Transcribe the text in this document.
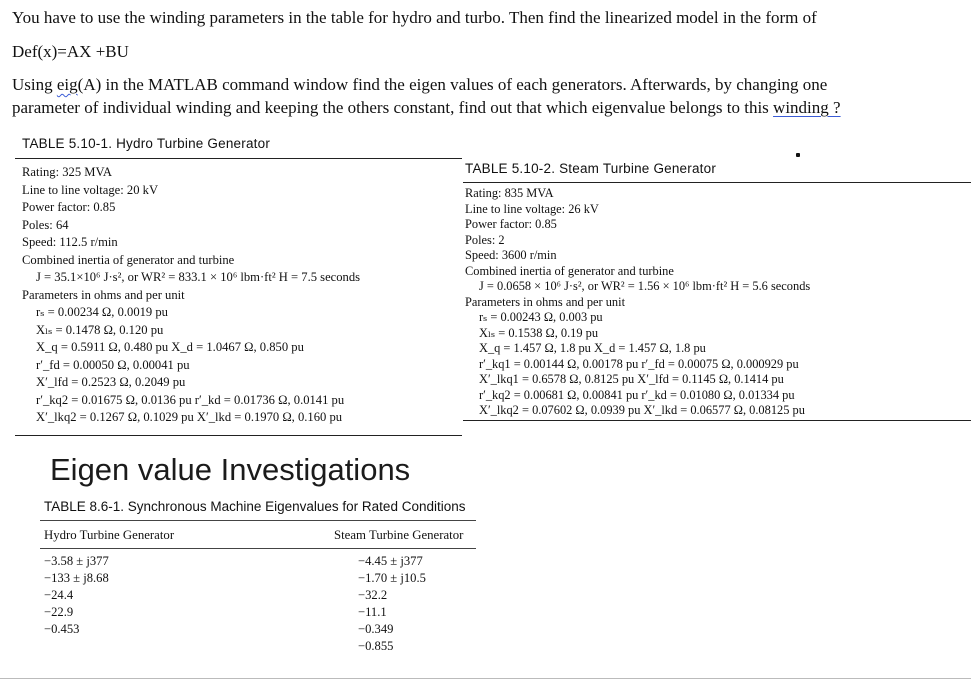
You have to use the winding parameters in the table for hydro and turbo. Then find the linearized model in the form of
Def(x)=AX +BU
Using eig(A) in the MATLAB command window find the eigen values of each generators. Afterwards, by changing one
parameter of individual winding and keeping the others constant, find out that which eigenvalue belongs to this winding ?
TABLE 5.10-1. Hydro Turbine Generator
Rating: 325 MVA
Line to line voltage: 20 kV
Power factor: 0.85
Poles: 64
Speed: 112.5 r/min
Combined inertia of generator and turbine
J = 35.1×10⁶ J·s², or WR² = 833.1 × 10⁶ lbm·ft² H = 7.5 seconds
Parameters in ohms and per unit
rₛ = 0.00234 Ω, 0.0019 pu
Xₗₛ = 0.1478 Ω, 0.120 pu
X_q = 0.5911 Ω, 0.480 pu X_d = 1.0467 Ω, 0.850 pu
r′_fd = 0.00050 Ω, 0.00041 pu
X′_lfd = 0.2523 Ω, 0.2049 pu
r′_kq2 = 0.01675 Ω, 0.0136 pu r′_kd = 0.01736 Ω, 0.0141 pu
X′_lkq2 = 0.1267 Ω, 0.1029 pu X′_lkd = 0.1970 Ω, 0.160 pu
TABLE 5.10-2. Steam Turbine Generator
Rating: 835 MVA
Line to line voltage: 26 kV
Power factor: 0.85
Poles: 2
Speed: 3600 r/min
Combined inertia of generator and turbine
J = 0.0658 × 10⁶ J·s², or WR² = 1.56 × 10⁶ lbm·ft² H = 5.6 seconds
Parameters in ohms and per unit
rₛ = 0.00243 Ω, 0.003 pu
Xₗₛ = 0.1538 Ω, 0.19 pu
X_q = 1.457 Ω, 1.8 pu X_d = 1.457 Ω, 1.8 pu
r′_kq1 = 0.00144 Ω, 0.00178 pu r′_fd = 0.00075 Ω, 0.000929 pu
X′_lkq1 = 0.6578 Ω, 0.8125 pu X′_lfd = 0.1145 Ω, 0.1414 pu
r′_kq2 = 0.00681 Ω, 0.00841 pu r′_kd = 0.01080 Ω, 0.01334 pu
X′_lkq2 = 0.07602 Ω, 0.0939 pu X′_lkd = 0.06577 Ω, 0.08125 pu
Eigen value Investigations
TABLE 8.6-1. Synchronous Machine Eigenvalues for Rated Conditions
Hydro Turbine Generator	Steam Turbine Generator
−3.58 ± j377
−133 ± j8.68
−24.4
−22.9
−0.453
−4.45 ± j377
−1.70 ± j10.5
−32.2
−11.1
−0.349
−0.855
